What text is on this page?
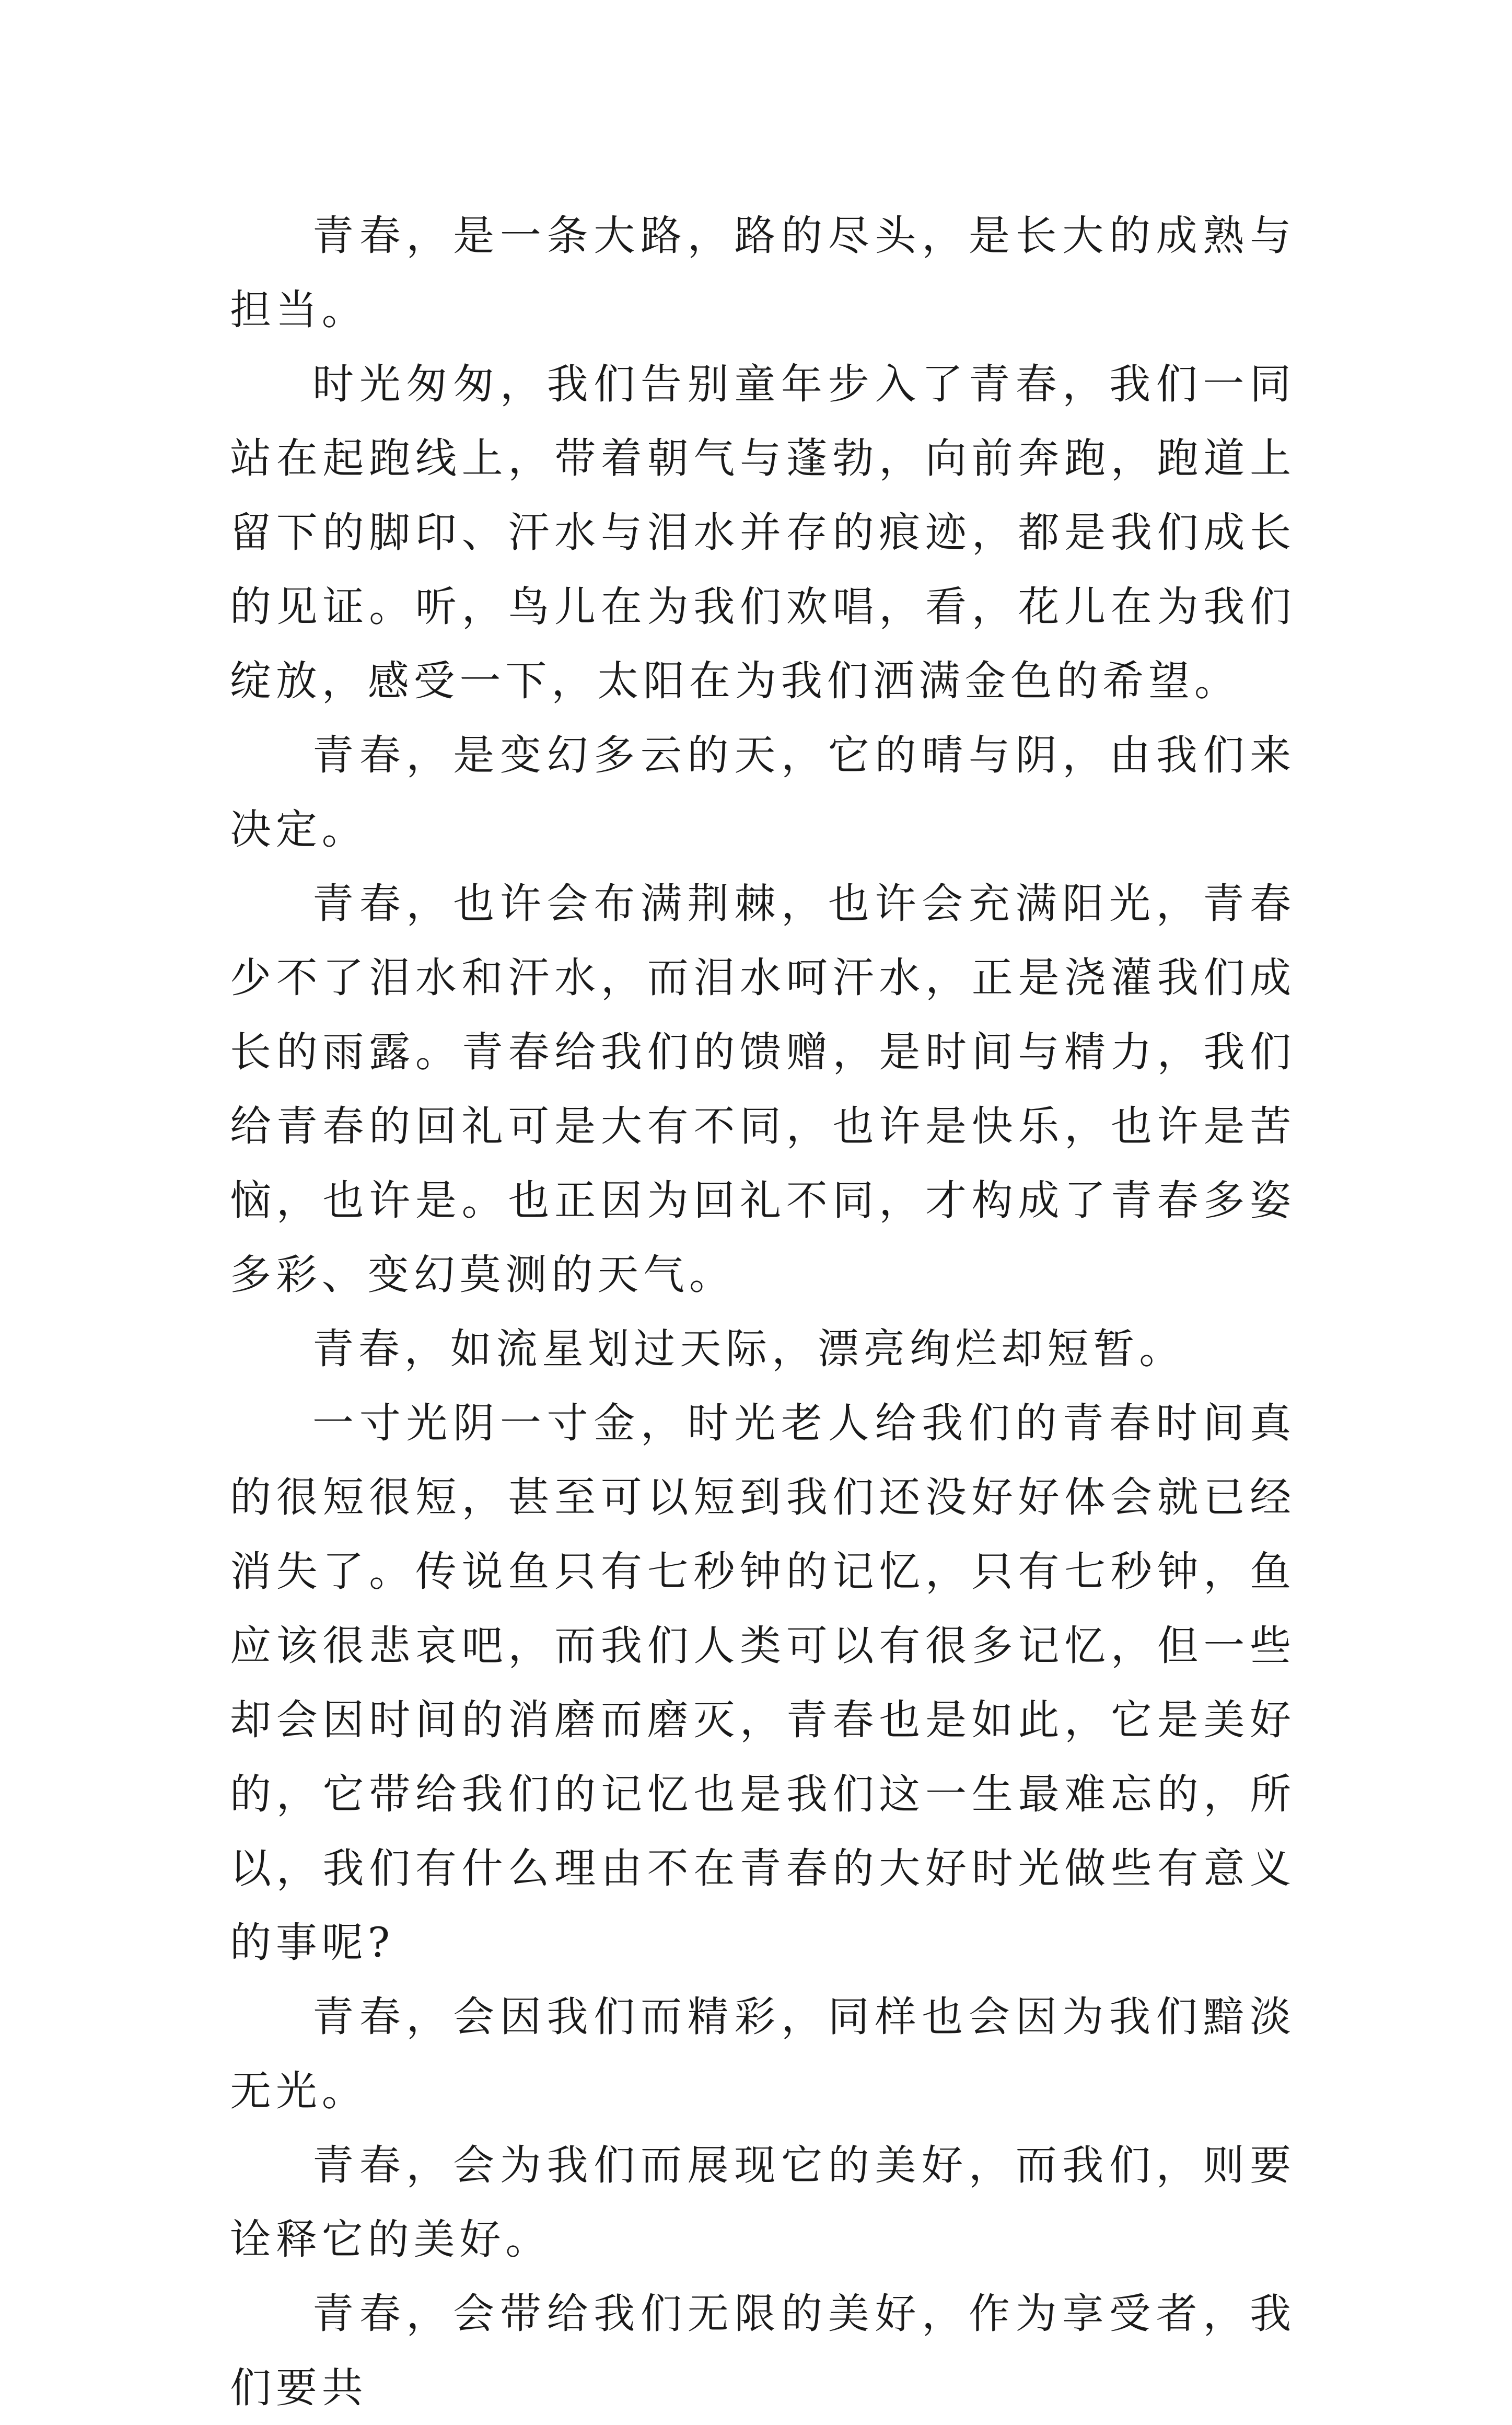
青春，是一条大路，路的尽头，是长大的成熟与担当。

时光匆匆，我们告别童年步入了青春，我们一同站在起跑线上，带着朝气与蓬勃，向前奔跑，跑道上留下的脚印、汗水与泪水并存的痕迹，都是我们成长的见证。听，鸟儿在为我们欢唱，看，花儿在为我们绽放，感受一下，太阳在为我们洒满金色的希望。

青春，是变幻多云的天，它的晴与阴，由我们来决定。

青春，也许会布满荆棘，也许会充满阳光，青春少不了泪水和汗水，而泪水呵汗水，正是浇灌我们成长的雨露。青春给我们的馈赠，是时间与精力，我们给青春的回礼可是大有不同，也许是快乐，也许是苦恼，也许是。也正因为回礼不同，才构成了青春多姿多彩、变幻莫测的天气。

青春，如流星划过天际，漂亮绚烂却短暂。

一寸光阴一寸金，时光老人给我们的青春时间真的很短很短，甚至可以短到我们还没好好体会就已经消失了。传说鱼只有七秒钟的记忆，只有七秒钟，鱼应该很悲哀吧，而我们人类可以有很多记忆，但一些却会因时间的消磨而磨灭，青春也是如此，它是美好的，它带给我们的记忆也是我们这一生最难忘的，所以，我们有什么理由不在青春的大好时光做些有意义的事呢?

青春，会因我们而精彩，同样也会因为我们黯淡无光。

青春，会为我们而展现它的美好，而我们，则要诠释它的美好。

青春，会带给我们无限的美好，作为享受者，我们要共
